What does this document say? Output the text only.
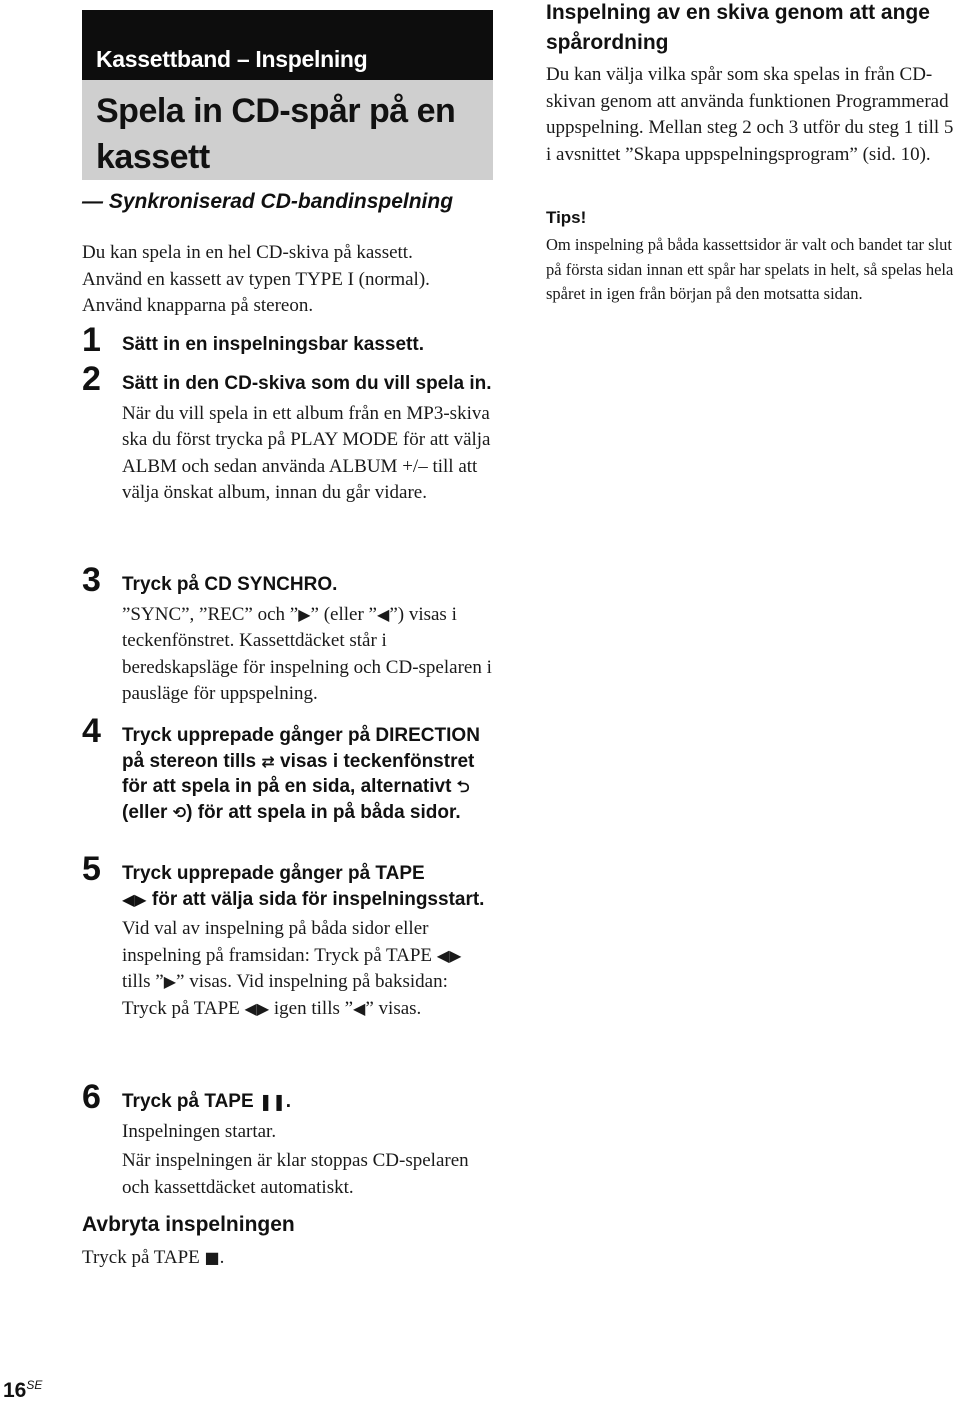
Kassettband – Inspelning
Spela in CD-spår på en kassett
— Synkroniserad CD-bandinspelning

Du kan spela in en hel CD-skiva på kassett.

Använd en kassett av typen TYPE I (normal).

Använd knapparna på stereon.

1 Sätt in en inspelningsbar kassett.
2 Sätt in den CD-skiva som du vill spela in.

När du vill spela in ett album från en MP3-skiva ska du först trycka på PLAY MODE för att välja ALBM och sedan använda ALBUM +/– till att välja önskat album, innan du går vidare.

3 Tryck på CD SYNCHRO.

”SYNC”, ”REC” och ”▶” (eller ”◀”) visas i teckenfönstret. Kassettdäcket står i beredskapsläge för inspelning och CD-spelaren i pausläge för uppspelning.

4 Tryck upprepade gånger på DIRECTION på stereon tills ⇄ visas i teckenfönstret för att spela in på en sida, alternativt ⮌ (eller ⟲) för att spela in på båda sidor.
5 Tryck upprepade gånger på TAPE
◀▶ för att välja sida för inspelningsstart.

Vid val av inspelning på båda sidor eller inspelning på framsidan: Tryck på TAPE ◀▶ tills ”▶” visas. Vid inspelning på baksidan: Tryck på TAPE ◀▶ igen tills ”◀” visas.

6 Tryck på TAPE ❚❚.

Inspelningen startar.

När inspelningen är klar stoppas CD-spelaren och kassettdäcket automatiskt.

Avbryta inspelningen
Tryck på TAPE ■.
Inspelning av en skiva genom att ange spårordning

Du kan välja vilka spår som ska spelas in från CD-skivan genom att använda funktionen Programmerad uppspelning. Mellan steg 2 och 3 utför du steg 1 till 5 i avsnittet ”Skapa uppspelningsprogram” (sid. 10).

Tips!

Om inspelning på båda kassettsidor är valt och bandet tar slut på första sidan innan ett spår har spelats in helt, så spelas hela spåret in igen från början på den motsatta sidan.

$16^{SE}$
